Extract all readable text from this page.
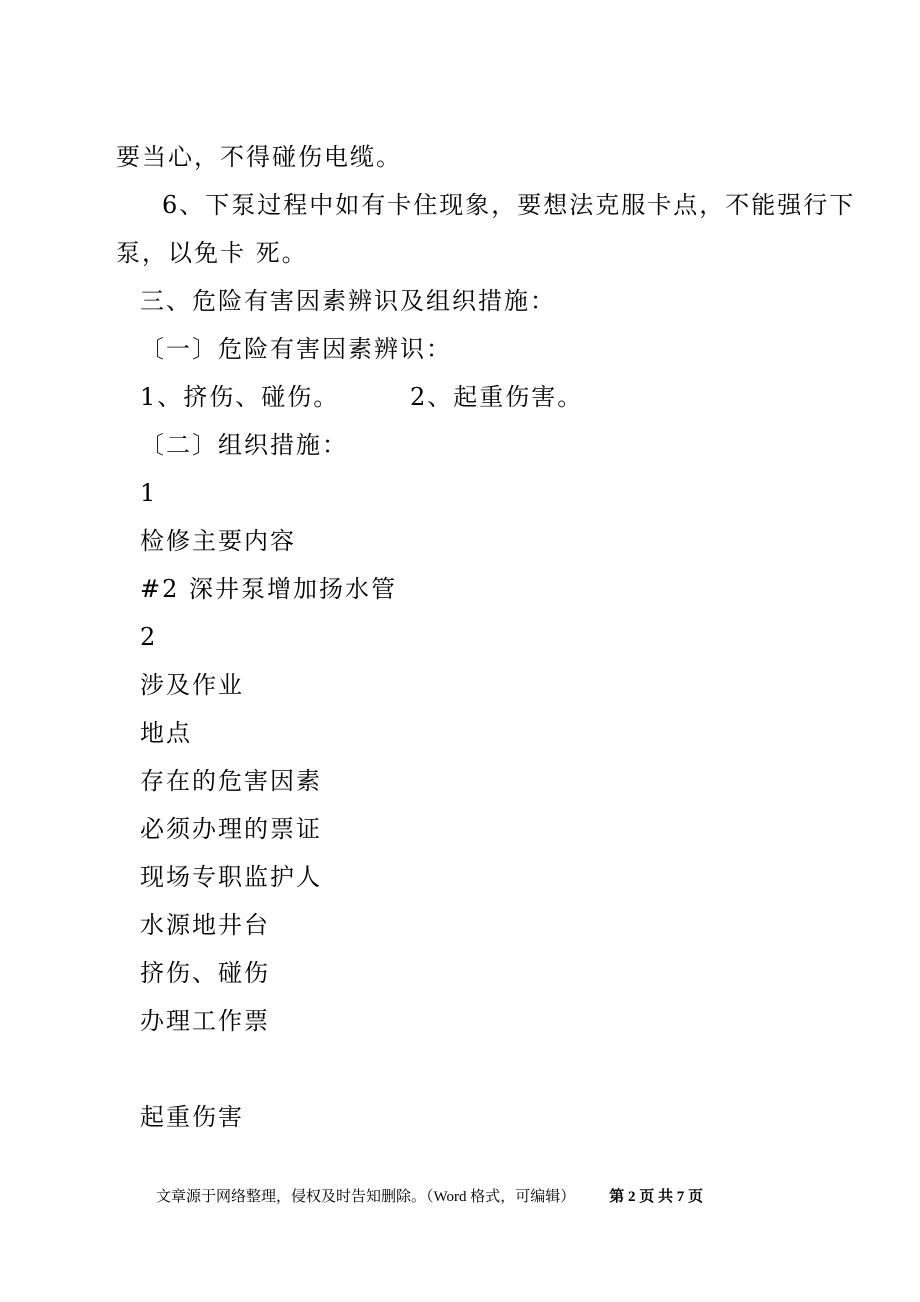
要当心，不得碰伤电缆。
6、下泵过程中如有卡住现象，要想法克服卡点，不能强行下
泵，以免卡 死。
三、危险有害因素辨识及组织措施：
〔一〕危险有害因素辨识：
1、挤伤、碰伤。	2、起重伤害。
〔二〕组织措施：
1
检修主要内容
#2 深井泵增加扬水管
2
涉及作业
地点
存在的危害因素
必须办理的票证
现场专职监护人
水源地井台
挤伤、碰伤
办理工作票
起重伤害
文章源于网络整理，侵权及时告知删除。（Word 格式，可编辑） 第 2 页 共 7 页
